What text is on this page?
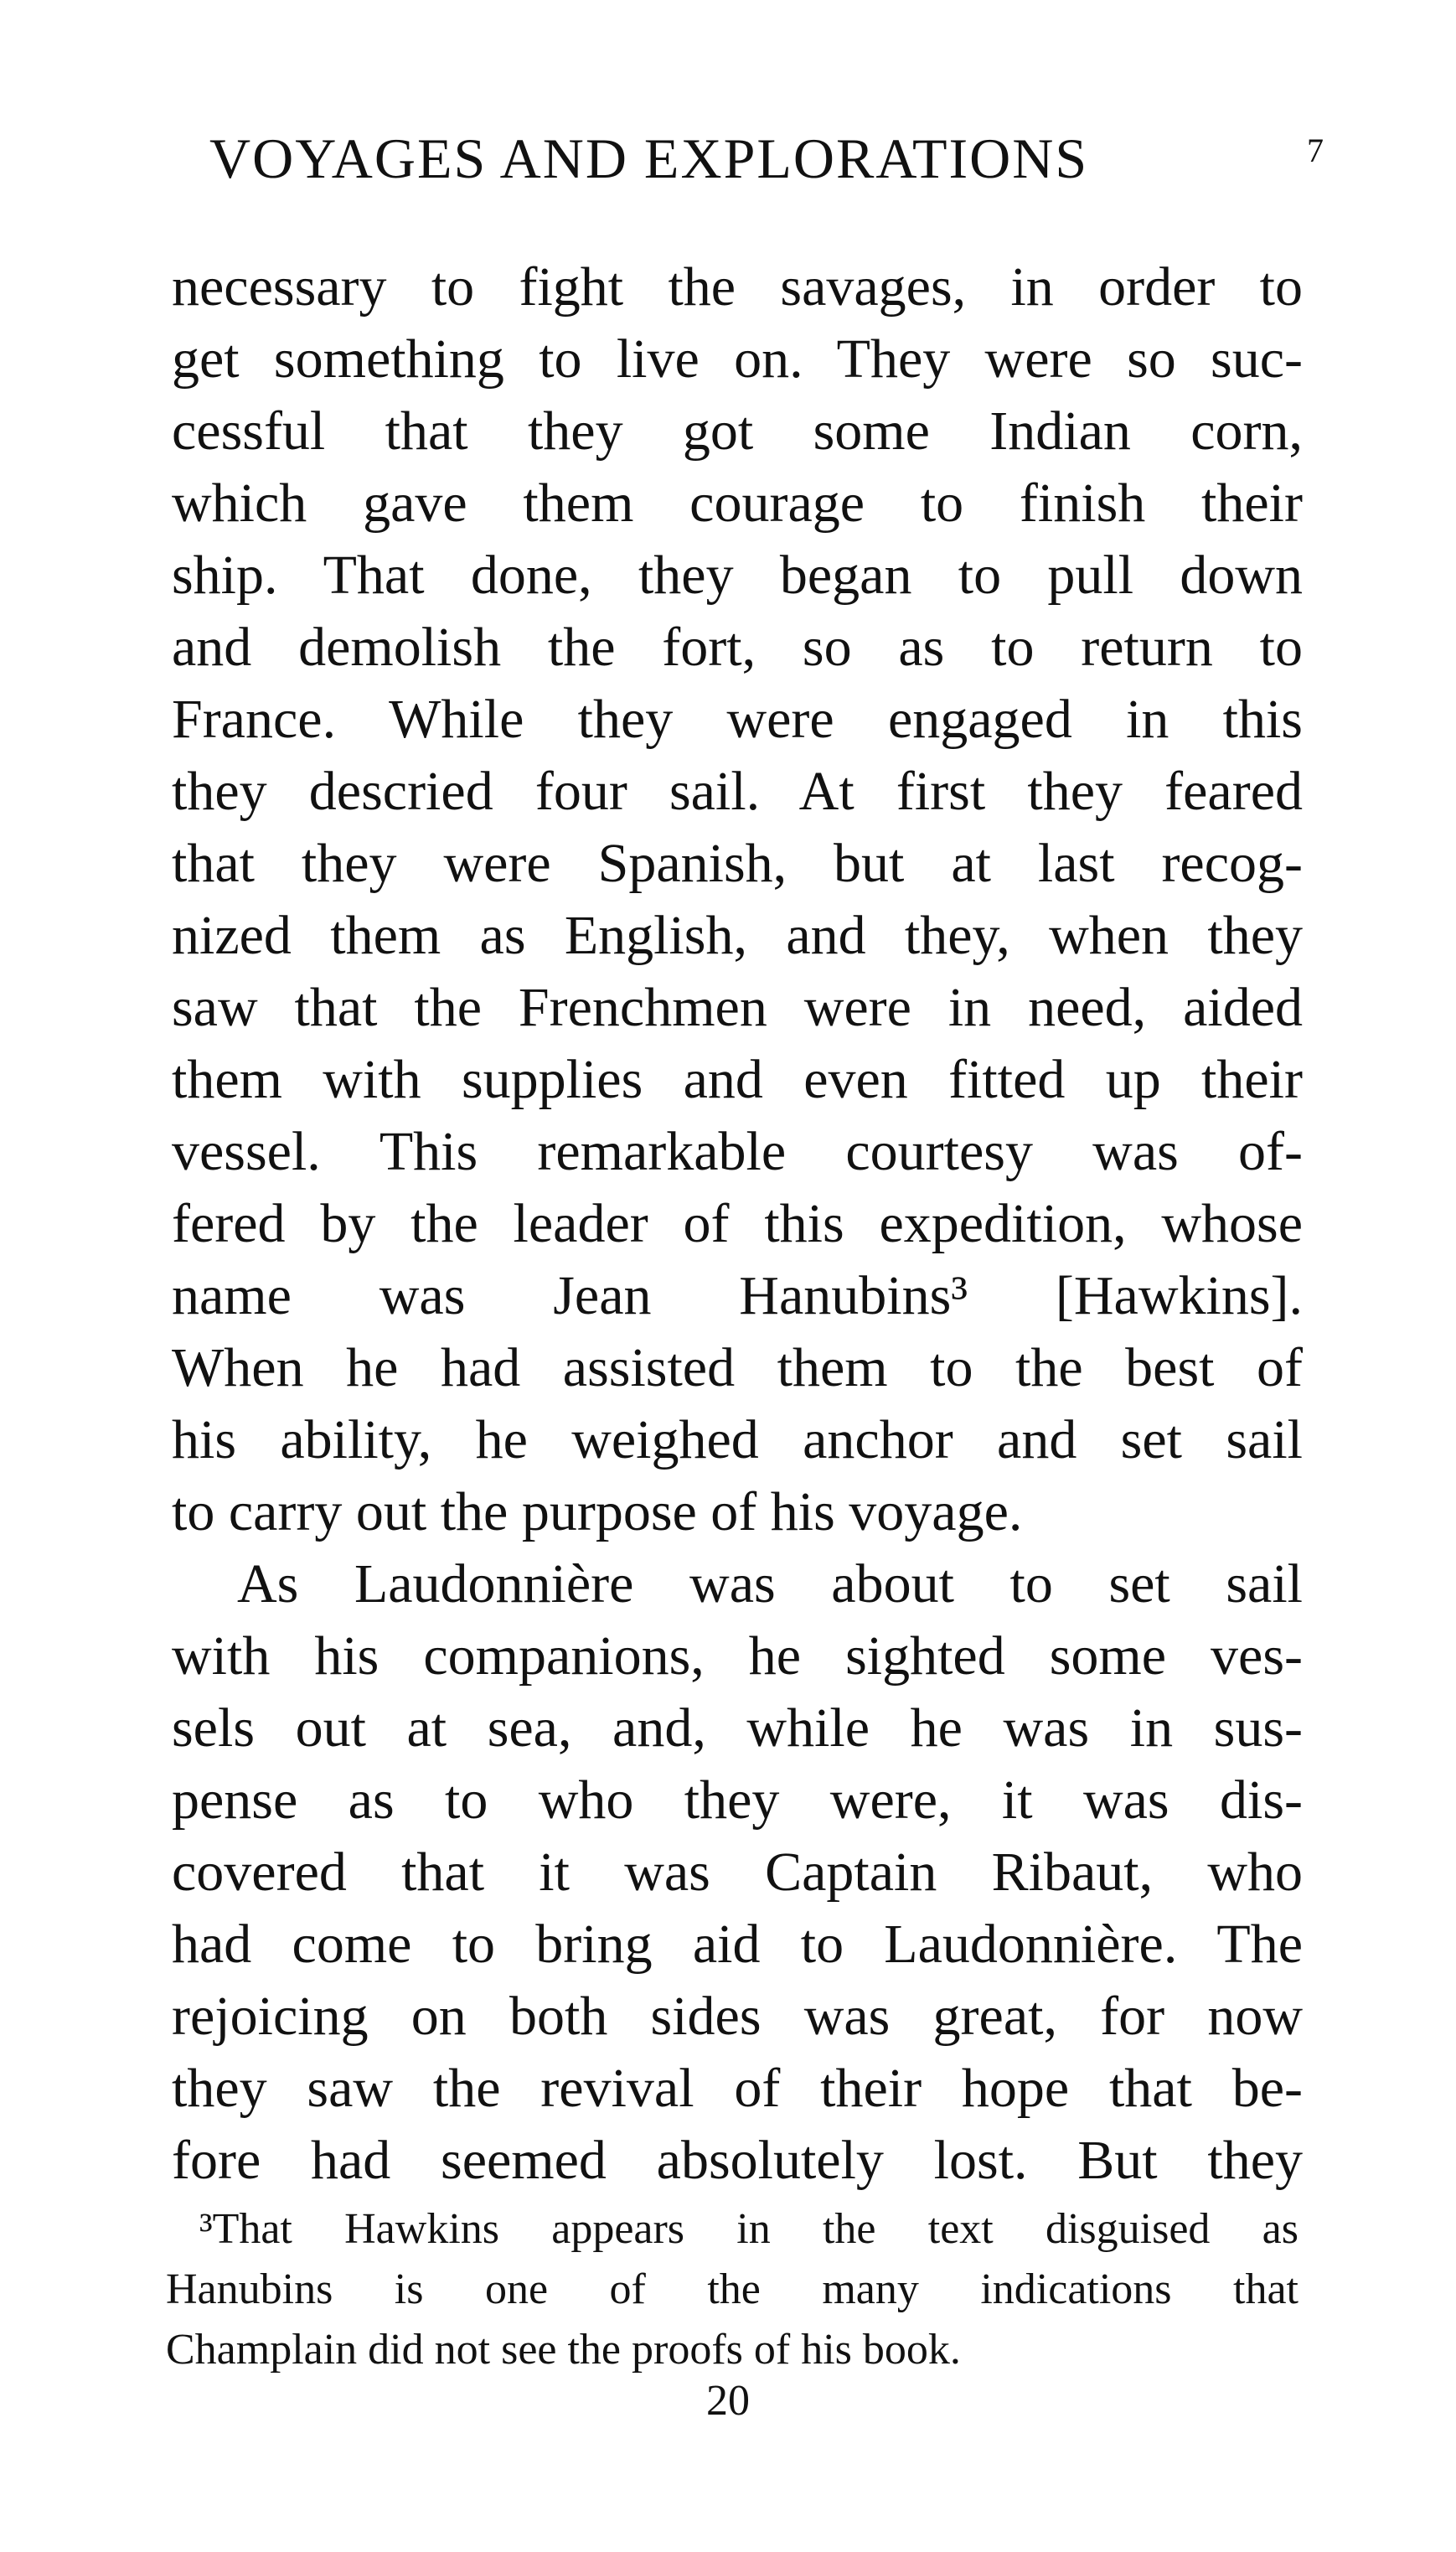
VOYAGES AND EXPLORATIONS	7
necessary to fight the savages, in order to
get something to live on. They were so suc-
cessful that they got some Indian corn,
which gave them courage to finish their
ship. That done, they began to pull down
and demolish the fort, so as to return to
France. While they were engaged in this
they descried four sail. At first they feared
that they were Spanish, but at last recog-
nized them as English, and they, when they
saw that the Frenchmen were in need, aided
them with supplies and even fitted up their
vessel. This remarkable courtesy was of-
fered by the leader of this expedition, whose
name was Jean Hanubins³ [Hawkins].
When he had assisted them to the best of
his ability, he weighed anchor and set sail
to carry out the purpose of his voyage.
As Laudonnière was about to set sail
with his companions, he sighted some ves-
sels out at sea, and, while he was in sus-
pense as to who they were, it was dis-
covered that it was Captain Ribaut, who
had come to bring aid to Laudonnière. The
rejoicing on both sides was great, for now
they saw the revival of their hope that be-
fore had seemed absolutely lost. But they
³That Hawkins appears in the text disguised as
Hanubins is one of the many indications that
Champlain did not see the proofs of his book.
20
